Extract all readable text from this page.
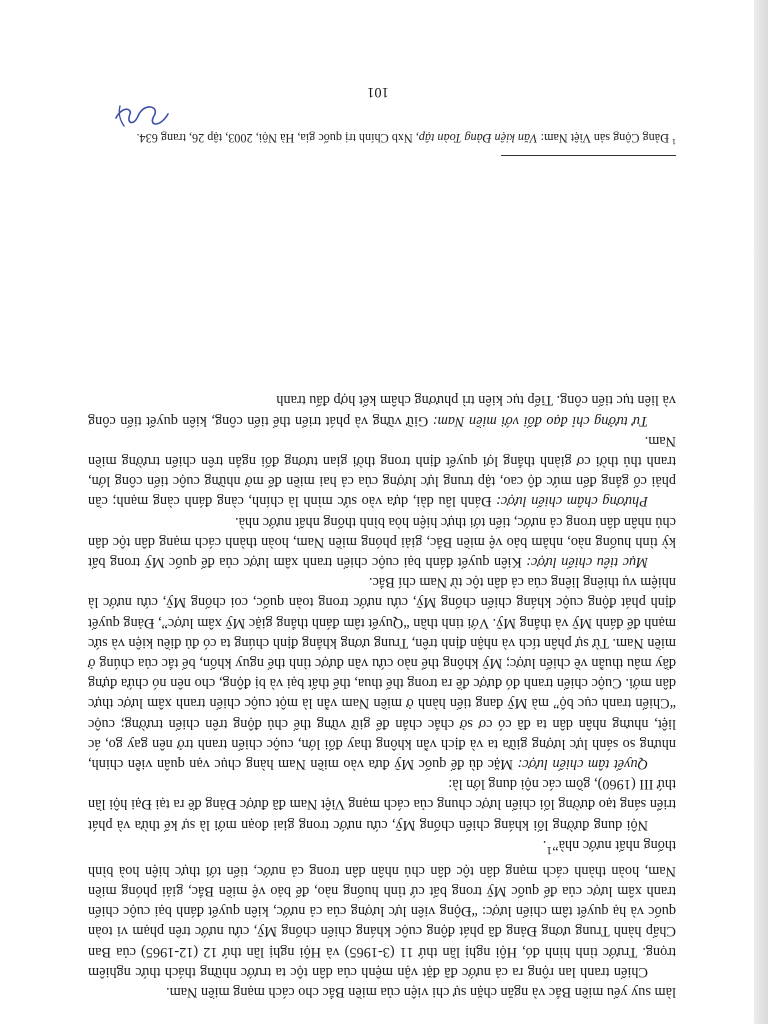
làm suy yếu miền Bắc và ngăn chặn sự chi viện của miền Bắc cho cách mạng miền Nam.

Chiến tranh lan rộng ra cả nước đã đặt vận mệnh của dân tộc ta trước những thách thức nghiêm trọng. Trước tình hình đó, Hội nghị lần thứ 11 (3-1965) và Hội nghị lần thứ 12 (12-1965) của Ban Chấp hành Trung ương Đảng đã phát động cuộc kháng chiến chống Mỹ, cứu nước trên phạm vi toàn quốc và hạ quyết tâm chiến lược: “Động viên lực lượng của cả nước, kiên quyết đánh bại cuộc chiến tranh xâm lược của đế quốc Mỹ trong bất cứ tình huống nào, để bảo vệ miền Bắc, giải phóng miền Nam, hoàn thành cách mạng dân tộc dân chủ nhân dân trong cả nước, tiến tới thực hiện hoà bình thống nhất nước nhà”$^1$.

Nội dung đường lối kháng chiến chống Mỹ, cứu nước trong giai đoạn mới là sự kế thừa và phát triển sáng tạo đường lối chiến lược chung của cách mạng Việt Nam đã được Đảng đề ra tại Đại hội lần thứ III (1960), gồm các nội dung lớn là:

Quyết tâm chiến lược: Mặc dù đế quốc Mỹ đưa vào miền Nam hàng chục vạn quân viễn chinh, nhưng so sánh lực lượng giữa ta và địch vẫn không thay đổi lớn, cuộc chiến tranh trở nên gay go, ác liệt, nhưng nhân dân ta đã có cơ sở chắc chắn để giữ vững thế chủ động trên chiến trường; cuộc “Chiến tranh cục bộ” mà Mỹ đang tiến hành ở miền Nam vẫn là một cuộc chiến tranh xâm lược thực dân mới. Cuộc chiến tranh đó được đề ra trong thế thua, thế thất bại và bị động, cho nên nó chứa đựng đầy mâu thuẫn về chiến lược; Mỹ không thể nào cứu vãn được tình thế nguy khốn, bế tắc của chúng ở miền Nam. Từ sự phân tích và nhận định trên, Trung ương khẳng định chúng ta có đủ điều kiện và sức mạnh để đánh Mỹ và thắng Mỹ. Với tinh thần “Quyết tâm đánh thắng giặc Mỹ xâm lược”, Đảng quyết định phát động cuộc kháng chiến chống Mỹ, cứu nước trong toàn quốc, coi chống Mỹ, cứu nước là nhiệm vụ thiêng liêng của cả dân tộc từ Nam chí Bắc.

Mục tiêu chiến lược: Kiên quyết đánh bại cuộc chiến tranh xâm lược của đế quốc Mỹ trong bất kỳ tình huống nào, nhằm bảo vệ miền Bắc, giải phóng miền Nam, hoàn thành cách mạng dân tộc dân chủ nhân dân trong cả nước, tiến tới thực hiện hòa bình thống nhất nước nhà.

Phương châm chiến lược: Đánh lâu dài, dựa vào sức mình là chính, càng đánh càng mạnh; cần phải cố gắng đến mức độ cao, tập trung lực lượng của cả hai miền để mở những cuộc tiến công lớn, tranh thủ thời cơ giành thắng lợi quyết định trong thời gian tương đối ngắn trên chiến trường miền Nam.

Tư tưởng chỉ đạo đối với miền Nam: Giữ vững và phát triển thế tiến công, kiên quyết tiến công và liên tục tiến công. Tiếp tục kiên trì phương châm kết hợp đấu tranh

$^1$ Đảng Cộng sản Việt Nam: Văn kiện Đảng Toàn tập, Nxb Chính trị quốc gia, Hà Nội, 2003, tập 26, trang 634.
101
